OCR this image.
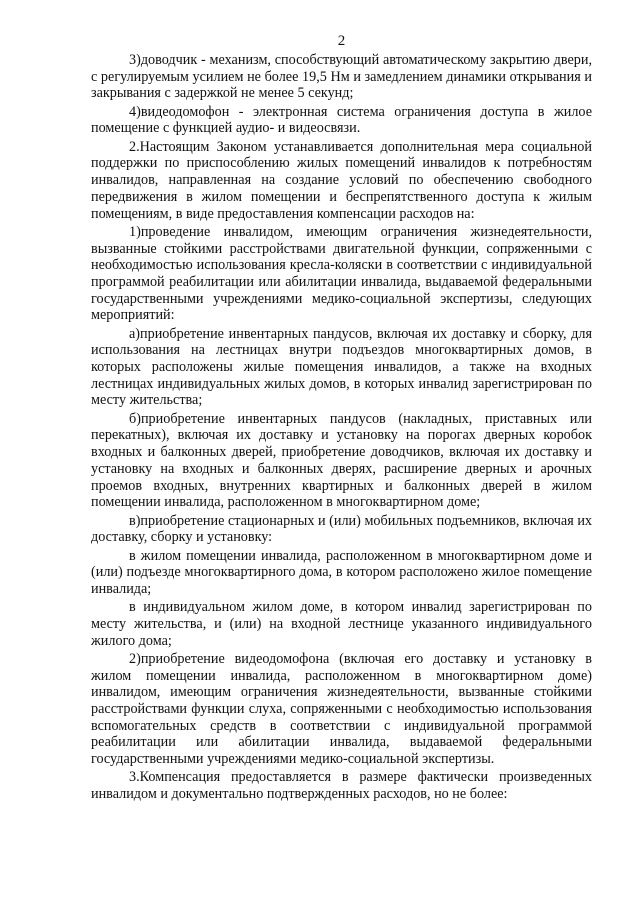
2

3)доводчик - механизм, способствующий автоматическому закрытию двери, с регулируемым усилием не более 19,5 Нм и замедлением динамики открывания и закрывания с задержкой не менее 5 секунд;

4)видеодомофон - электронная система ограничения доступа в жилое помещение с функцией аудио- и видеосвязи.

2.Настоящим Законом устанавливается дополнительная мера социальной поддержки по приспособлению жилых помещений инвалидов к потребностям инвалидов, направленная на создание условий по обеспечению свободного передвижения в жилом помещении и беспрепятственного доступа к жилым помещениям, в виде предоставления компенсации расходов на:

1)проведение инвалидом, имеющим ограничения жизнедеятельности, вызванные стойкими расстройствами двигательной функции, сопряженными с необходимостью использования кресла-коляски в соответствии с индивидуальной программой реабилитации или абилитации инвалида, выдаваемой федеральными государственными учреждениями медико-социальной экспертизы, следующих мероприятий:

а)приобретение инвентарных пандусов, включая их доставку и сборку, для использования на лестницах внутри подъездов многоквартирных домов, в которых расположены жилые помещения инвалидов, а также на входных лестницах индивидуальных жилых домов, в которых инвалид зарегистрирован по месту жительства;

б)приобретение инвентарных пандусов (накладных, приставных или перекатных), включая их доставку и установку на порогах дверных коробок входных и балконных дверей, приобретение доводчиков, включая их доставку и установку на входных и балконных дверях, расширение дверных и арочных проемов входных, внутренних квартирных и балконных дверей в жилом помещении инвалида, расположенном в многоквартирном доме;

в)приобретение стационарных и (или) мобильных подъемников, включая их доставку, сборку и установку:

в жилом помещении инвалида, расположенном в многоквартирном доме и (или) подъезде многоквартирного дома, в котором расположено жилое помещение инвалида;

в индивидуальном жилом доме, в котором инвалид зарегистрирован по месту жительства, и (или) на входной лестнице указанного индивидуального жилого дома;

2)приобретение видеодомофона (включая его доставку и установку в жилом помещении инвалида, расположенном в многоквартирном доме) инвалидом, имеющим ограничения жизнедеятельности, вызванные стойкими расстройствами функции слуха, сопряженными с необходимостью использования вспомогательных средств в соответствии с индивидуальной программой реабилитации или абилитации инвалида, выдаваемой федеральными государственными учреждениями медико-социальной экспертизы.

3.Компенсация предоставляется в размере фактически произведенных инвалидом и документально подтвержденных расходов, но не более:
